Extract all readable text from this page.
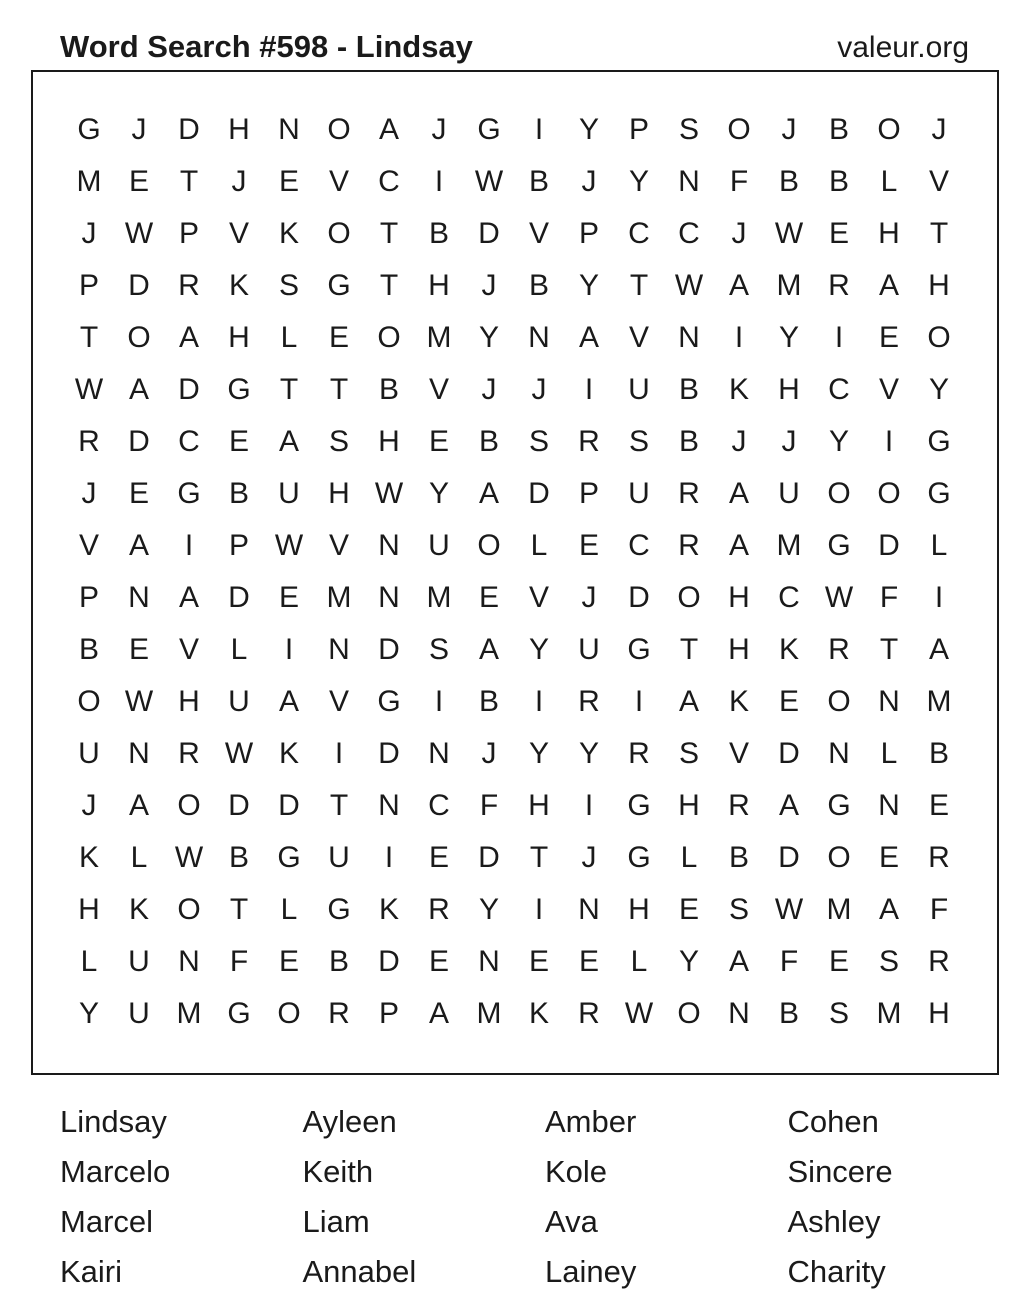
Word Search #598 - Lindsay	valeur.org
G	J	D H N O A	J	G	I	Y P S O	J	B O	J
M E	T	J	E V C	I	W B	J	Y N	F	B B	L	V
J W P V K O T	B D V P C C	J W E H	T
P D R K S G T	H	J	B Y	T W A M R A H
T O A H	L	E O M Y N A V N	I	Y	I	E O
W A D G T	T	B V	J	J	I	U B K H C V Y
R D C E A S H E B S R S B	J	J	Y	I	G
J	E G B U H W Y A D P U R A U O O G
V A	I	P W V N U O L	E C R A M G D	L
P N A D E M N M E V	J	D O H C W F	I
B E V	L	I	N D S A Y U G T	H K R	T	A
O W H U A V G	I	B	I	R	I	A K E O N M
U N R W K	I	D N	J	Y Y R S V D N	L	B
J	A O D D	T	N C	F	H	I	G H R A G N E
K	L W B G U	I	E D	T	J	G L	B D O E R
H K O T	L G K R Y	I	N H E S W M A	F
L	U N	F	E B D E N E E	L	Y A	F	E S R
Y U M G O R P A M K R W O N B S M H
Lindsay	Ayleen	Amber	Cohen
Marcelo	Keith	Kole	Sincere
Marcel	Liam	Ava	Ashley
Kairi	Annabel	Lainey	Charity
